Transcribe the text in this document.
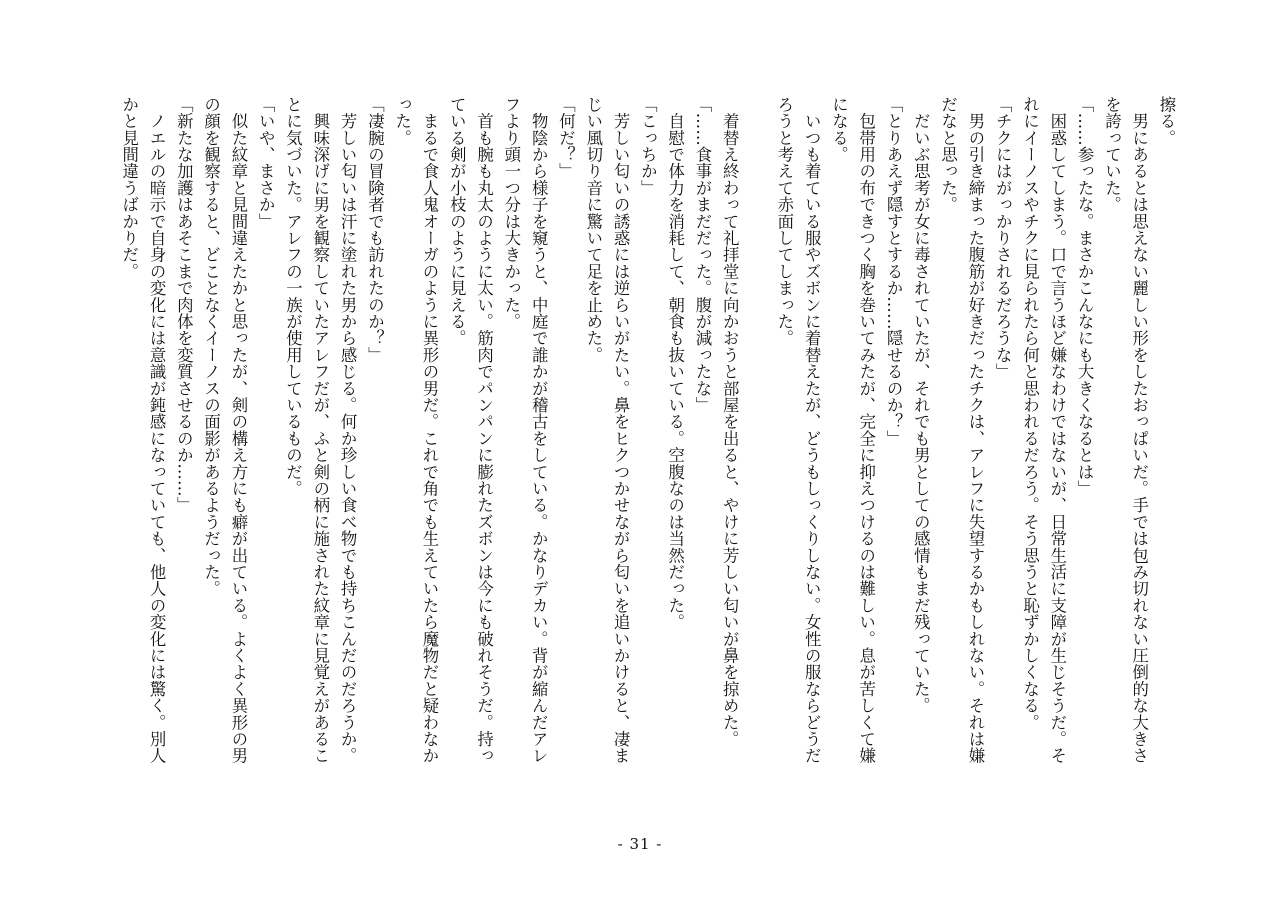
擦る。
　男にあるとは思えない麗しい形をしたおっぱいだ。手では包み切れない圧倒的な大きさ
を誇っていた。
「……参ったな。まさかこんなにも大きくなるとは」
　困惑してしまう。口で言うほど嫌なわけではないが、日常生活に支障が生じそうだ。そ
れにイーノスやチクに見られたら何と思われるだろう。そう思うと恥ずかしくなる。
「チクにはがっかりされるだろうな」
　男の引き締まった腹筋が好きだったチクは、アレフに失望するかもしれない。それは嫌
だなと思った。
　だいぶ思考が女に毒されていたが、それでも男としての感情もまだ残っていた。
「とりあえず隠すとするか……隠せるのか？」
　包帯用の布できつく胸を巻いてみたが、完全に抑えつけるのは難しい。息が苦しくて嫌
になる。
　いつも着ている服やズボンに着替えたが、どうもしっくりしない。女性の服ならどうだ
ろうと考えて赤面してしまった。

　着替え終わって礼拝堂に向かおうと部屋を出ると、やけに芳しい匂いが鼻を掠めた。
「……食事がまだだった。腹が減ったな」
　自慰で体力を消耗して、朝食も抜いている。空腹なのは当然だった。
「こっちか」
　芳しい匂いの誘惑には逆らいがたい。鼻をヒクつかせながら匂いを追いかけると、凄ま
じい風切り音に驚いて足を止めた。
「何だ？」
　物陰から様子を窺うと、中庭で誰かが稽古をしている。かなりデカい。背が縮んだアレ
フより頭一つ分は大きかった。
　首も腕も丸太のように太い。筋肉でパンパンに膨れたズボンは今にも破れそうだ。持っ
ている剣が小枝のように見える。
　まるで食人鬼オーガのように異形の男だ。これで角でも生えていたら魔物だと疑わなか
った。
「凄腕の冒険者でも訪れたのか？」
　芳しい匂いは汗に塗れた男から感じる。何か珍しい食べ物でも持ちこんだのだろうか。
　興味深げに男を観察していたアレフだが、ふと剣の柄に施された紋章に見覚えがあるこ
とに気づいた。アレフの一族が使用しているものだ。
「いや、まさか」
　似た紋章と見間違えたかと思ったが、剣の構え方にも癖が出ている。よくよく異形の男
の顔を観察すると、どことなくイーノスの面影があるようだった。
「新たな加護はあそこまで肉体を変質させるのか……」
　ノエルの暗示で自身の変化には意識が鈍感になっていても、他人の変化には驚く。別人
かと見間違うばかりだ。
- 31 -
